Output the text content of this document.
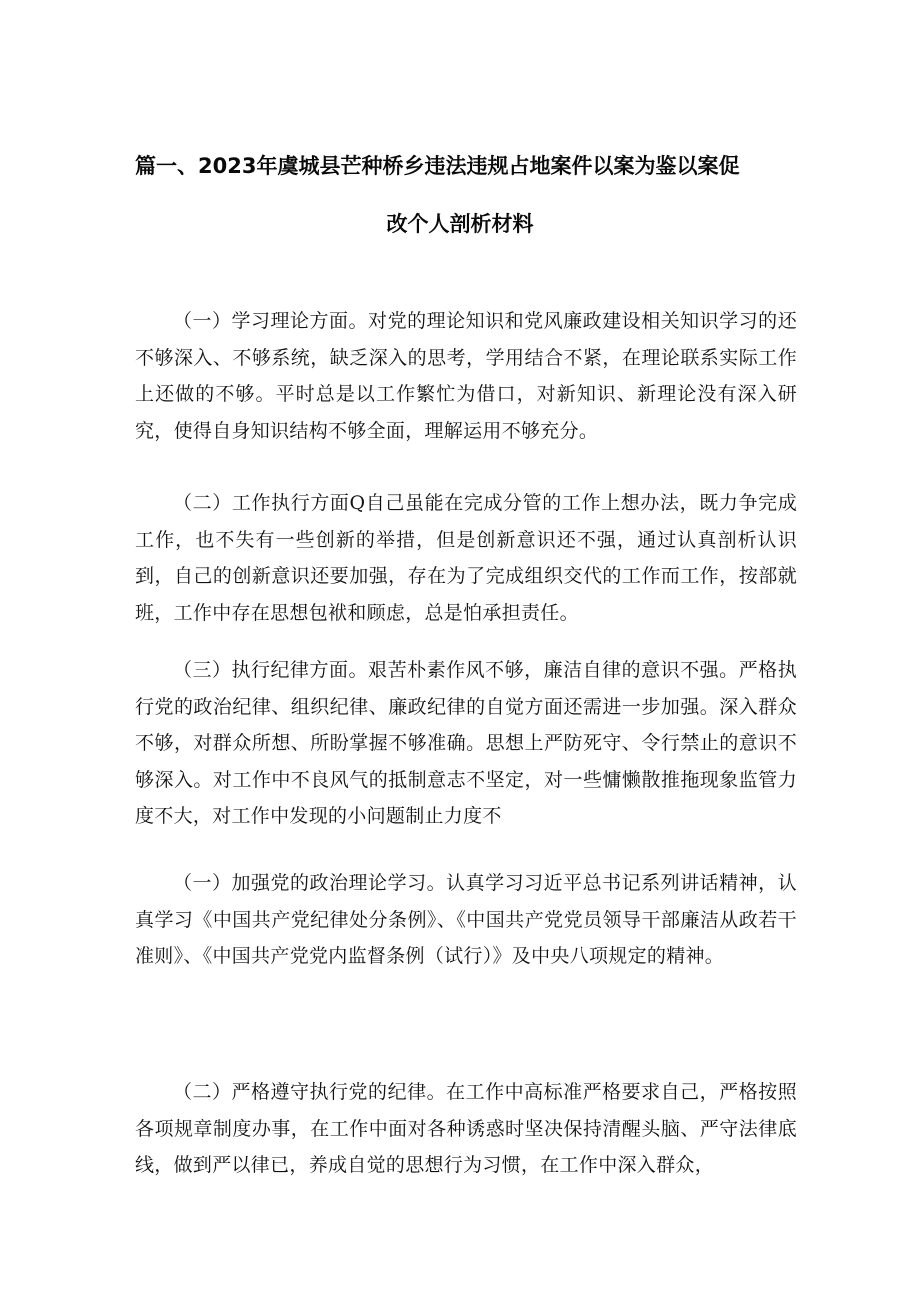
篇一、2023年虞城县芒种桥乡违法违规占地案件以案为鉴以案促
改个人剖析材料

（一）学习理论方面。对党的理论知识和党风廉政建设相关知识学习的还不够深入、不够系统，缺乏深入的思考，学用结合不紧，在理论联系实际工作上还做的不够。平时总是以工作繁忙为借口，对新知识、新理论没有深入研究，使得自身知识结构不够全面，理解运用不够充分。

（二）工作执行方面Q自己虽能在完成分管的工作上想办法，既力争完成工作，也不失有一些创新的举措，但是创新意识还不强，通过认真剖析认识到，自己的创新意识还要加强，存在为了完成组织交代的工作而工作，按部就班，工作中存在思想包袱和顾虑，总是怕承担责任。

（三）执行纪律方面。艰苦朴素作风不够，廉洁自律的意识不强。严格执行党的政治纪律、组织纪律、廉政纪律的自觉方面还需进一步加强。深入群众不够，对群众所想、所盼掌握不够准确。思想上严防死守、令行禁止的意识不够深入。对工作中不良风气的抵制意志不坚定，对一些慵懒散推拖现象监管力度不大，对工作中发现的小问题制止力度不

（一）加强党的政治理论学习。认真学习习近平总书记系列讲话精神，认真学习《中国共产党纪律处分条例》、《中国共产党党员领导干部廉洁从政若干准则》、《中国共产党党内监督条例（试行）》及中央八项规定的精神。

（二）严格遵守执行党的纪律。在工作中高标准严格要求自己，严格按照各项规章制度办事，在工作中面对各种诱惑时坚决保持清醒头脑、严守法律底线，做到严以律已，养成自觉的思想行为习惯，在工作中深入群众，
